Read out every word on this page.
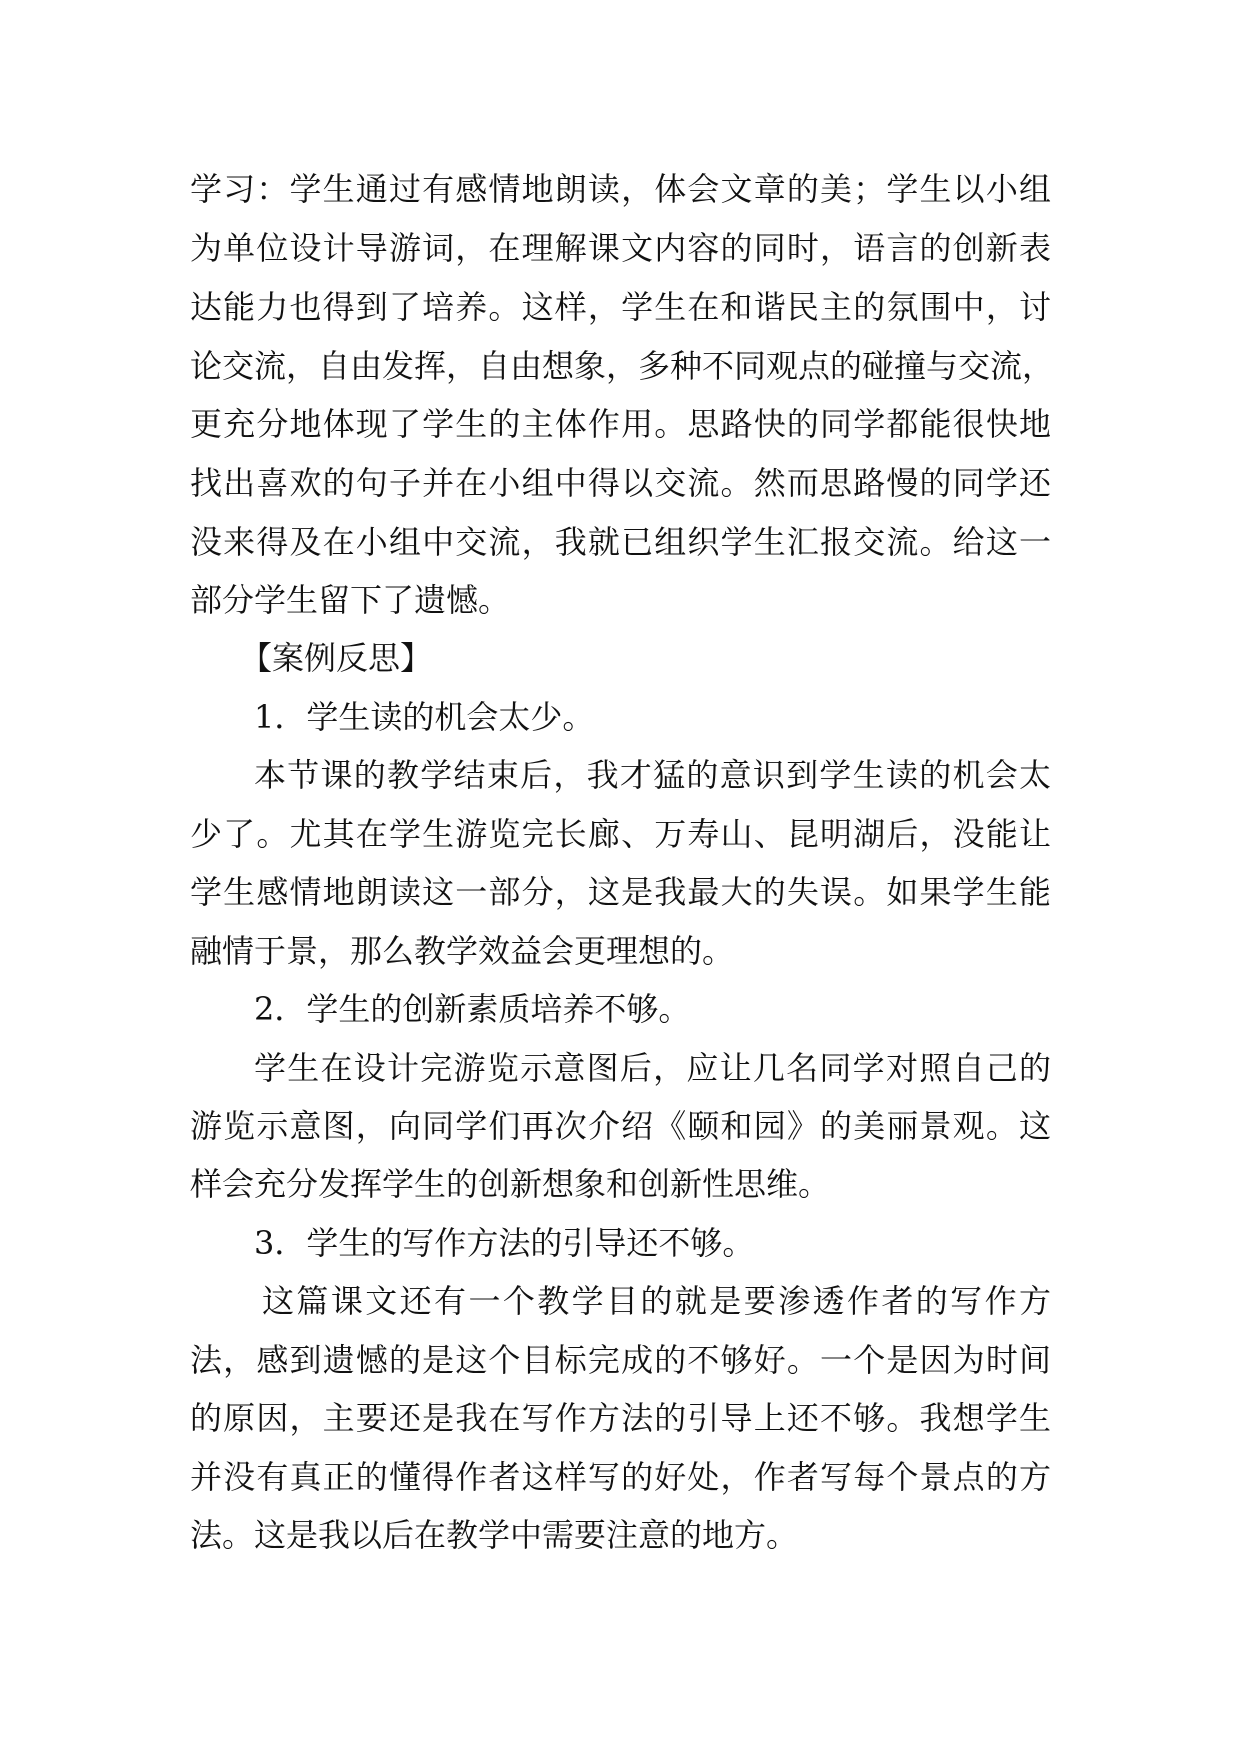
学习：学生通过有感情地朗读，体会文章的美；学生以小组
为单位设计导游词，在理解课文内容的同时，语言的创新表
达能力也得到了培养。这样，学生在和谐民主的氛围中，讨
论交流，自由发挥，自由想象，多种不同观点的碰撞与交流，
更充分地体现了学生的主体作用。思路快的同学都能很快地
找出喜欢的句子并在小组中得以交流。然而思路慢的同学还
没来得及在小组中交流，我就已组织学生汇报交流。给这一
部分学生留下了遗憾。
【案例反思】
1．学生读的机会太少。
本节课的教学结束后，我才猛的意识到学生读的机会太
少了。尤其在学生游览完长廊、万寿山、昆明湖后，没能让
学生感情地朗读这一部分，这是我最大的失误。如果学生能
融情于景，那么教学效益会更理想的。
2．学生的创新素质培养不够。
学生在设计完游览示意图后，应让几名同学对照自己的
游览示意图，向同学们再次介绍《颐和园》的美丽景观。这
样会充分发挥学生的创新想象和创新性思维。
3．学生的写作方法的引导还不够。
这篇课文还有一个教学目的就是要渗透作者的写作方
法，感到遗憾的是这个目标完成的不够好。一个是因为时间
的原因，主要还是我在写作方法的引导上还不够。我想学生
并没有真正的懂得作者这样写的好处，作者写每个景点的方
法。这是我以后在教学中需要注意的地方。
